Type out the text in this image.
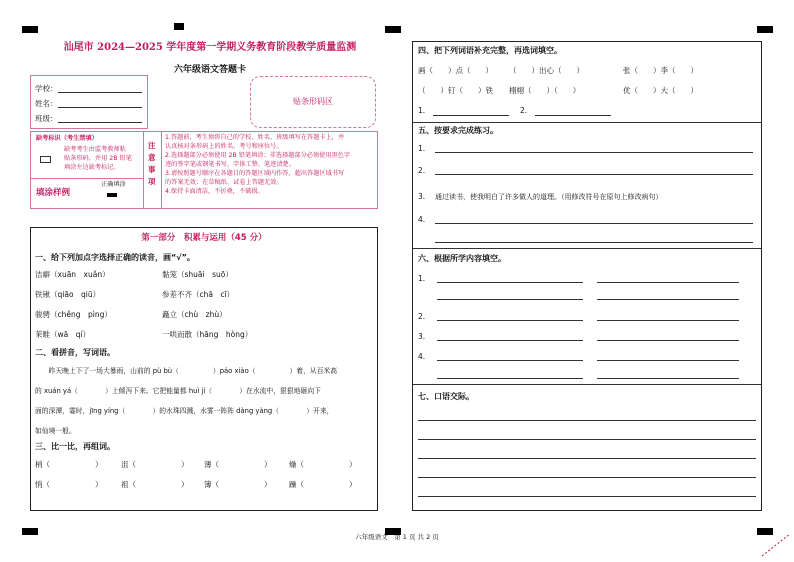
汕尾市 2024—2025 学年度第一学期义务教育阶段教学质量监测
六年级语文答题卡
学校：
姓名：
班级：
贴条形码区
缺考标识（考生禁填）
缺考考生由监考教师粘
贴条形码，并用 2B 铅笔
填涂左边缺考标记。
填涂样例
正确填涂
注
意
事
项
1.答题前，考生须将自己的学校、姓名、班级填写在答题卡上，并
认真核对条形码上的姓名、考号和座位号。
2.选择题部分必须使用 2B 铅笔填涂；非选择题部分必须使用黑色字
迹的签字笔或钢笔书写，字体工整、笔迹清楚。
3.请按照题号顺序在各题目的答题区域内作答，超出答题区域书写
的答案无效；在草稿纸、试卷上答题无效。
4.保持卡面清洁，不折叠，不破损。
第一部分　积累与运用（45 分）
一、给下列加点字选择正确的读音，画“√”。
洁癖（xuān　xuǎn）	黏笼（shuāi　suō）
铁锹（qiāo　qiū）	参差不齐（chā　cī）
骏骋（chěng　pìng）	矗立（chù　zhù）
茉畦（wā　qí）	一哄而散（hāng　hòng）
二、看拼音，写词语。
　　昨天晚上下了一场大暴雨，山前的 pù bù（　　　　　）páo xiào（　　　　　）着，从百米高
的 xuán yá（　　　　）上倾泻下来。它把能量都 huì jí（　　　　）在水流中，狠狠地砸向下
面的深潭，霎时，jīng yíng（　　　　）的水珠四溅，水雾一阵阵 dàng yàng（　　　　）开来，
如仙境一般。
三、比一比，再组词。
梢（　　　　　　） 沮（　　　　　　） 薄（　　　　　　） 燥（　　　　　　）
悄（　　　　　　） 祖（　　　　　　） 簿（　　　　　　） 躁（　　　　　　）
四、把下列词语补充完整，再选词填空。
画（　　）点（　　） （　　）出心（　　）	张（　　）李（　　）
（　　）钉（　　）铁 栩栩（　　）（　　）	优（　　）大（　　）
1.	2.
五、按要求完成练习。
1.
2.
3. 通过读书，使我明白了许多做人的道理。（用修改符号在原句上修改病句）
4.
六、根据所学内容填空。
1.
2.
3.
4.
七、口语交际。
六年级语文　第 1 页 共 2 页
